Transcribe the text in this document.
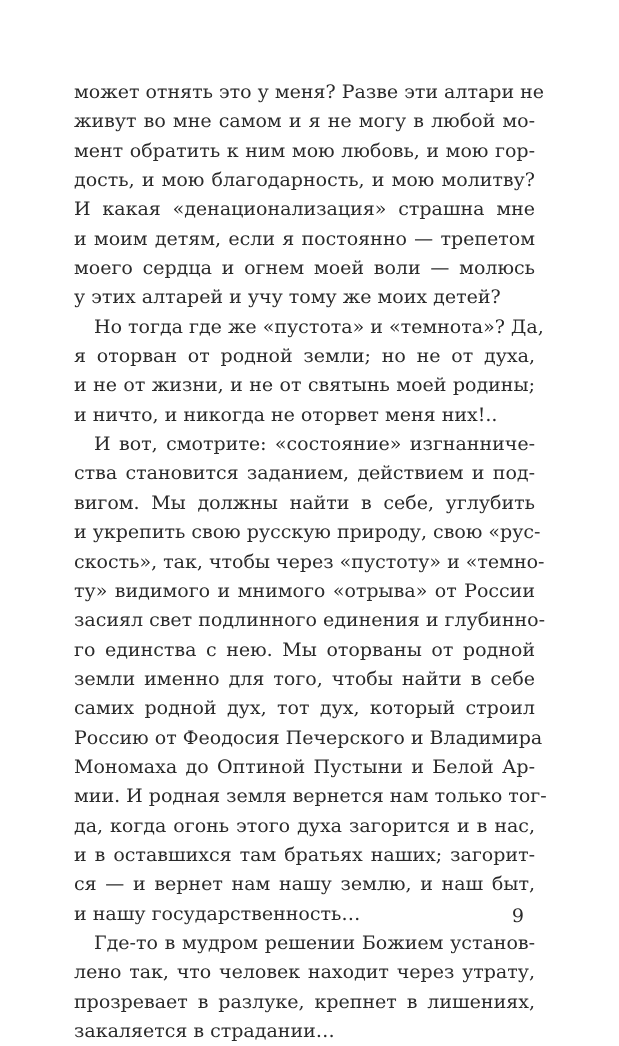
может отнять это у меня? Разве эти алтари не
живут во мне самом и я не могу в любой мо-
мент обратить к ним мою любовь, и мою гор-
дость, и мою благодарность, и мою молитву?
И какая «денационализация» страшна мне
и моим детям, если я постоянно — трепетом
моего сердца и огнем моей воли — молюсь
у этих алтарей и учу тому же моих детей?
Но тогда где же «пустота» и «темнота»? Да,
я оторван от родной земли; но не от духа,
и не от жизни, и не от святынь моей родины;
и ничто, и никогда не оторвет меня них!..
И вот, смотрите: «состояние» изгнанниче-
ства становится заданием, действием и под-
вигом. Мы должны найти в себе, углубить
и укрепить свою русскую природу, свою «рус-
скость», так, чтобы через «пустоту» и «темно-
ту» видимого и мнимого «отрыва» от России
засиял свет подлинного единения и глубинно-
го единства с нею. Мы оторваны от родной
земли именно для того, чтобы найти в себе
самих родной дух, тот дух, который строил
Россию от Феодосия Печерского и Владимира
Мономаха до Оптиной Пустыни и Белой Ар-
мии. И родная земля вернется нам только тог-
да, когда огонь этого духа загорится и в нас,
и в оставшихся там братьях наших; загорит-
ся — и вернет нам нашу землю, и наш быт,
и нашу государственность…
Где-то в мудром решении Божием установ-
лено так, что человек находит через утрату,
прозревает в разлуке, крепнет в лишениях,
закаляется в страдании…
9
